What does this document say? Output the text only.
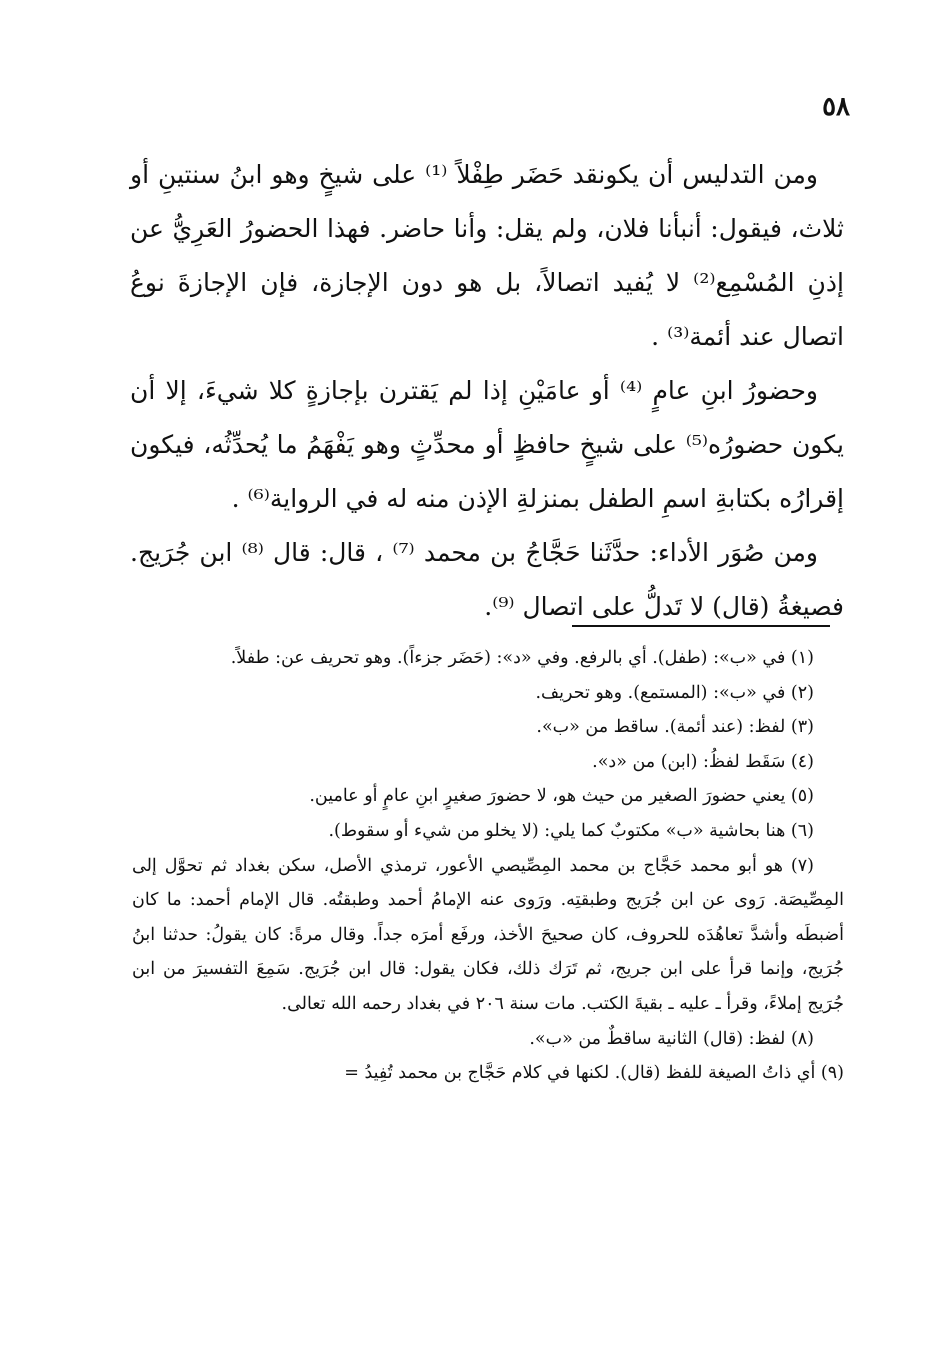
٥٨

ومن التدليس أن يكونقد حَضَر طِفْلاً ⁽¹⁾ على شيخٍ وهو ابنُ سنتينِ أو ثلاث، فيقول: أنبأنا فلان، ولم يقل: وأنا حاضر. فهذا الحضورُ العَرِيُّ عن إذنِ المُسْمِع⁽²⁾ لا يُفيد اتصالاً، بل هو دون الإجازة، فإن الإجازةَ نوعُ اتصال عند أئمة⁽³⁾ .

وحضورُ ابنِ عامٍ ⁽⁴⁾ أو عامَيْنِ إذا لم يَقترن بإجازةٍ كلا شيءَ، إلا أن يكون حضورُه⁽⁵⁾ على شيخٍ حافظٍ أو محدِّثٍ وهو يَفْهَمُ ما يُحدِّثُه، فيكون إقرارُه بكتابةِ اسمِ الطفل بمنزلةِ الإذن منه له في الرواية⁽⁶⁾ .

ومن صُوَر الأداء: حدَّثَنا حَجَّاجُ بن محمد ⁽⁷⁾ ، قال: قال ⁽⁸⁾ ابن جُرَيج. فصيغةُ (قال) لا تَدلُّ على اتصال ⁽⁹⁾.

(١) في «ب»: (طفل). أي بالرفع. وفي «د»: (حَضَر جزءاً). وهو تحريف عن: طفلاً.

(٢) في «ب»: (المستمع). وهو تحريف.

(٣) لفظ: (عند أئمة). ساقط من «ب».

(٤) سَقَط لفظُ: (ابن) من «د».

(٥) يعني حضورَ الصغير من حيث هو، لا حضورَ صغيرٍ ابنِ عامٍ أو عامين.

(٦) هنا بحاشية «ب» مكتوبٌ كما يلي: (لا يخلو من شيء أو سقوط).

(٧) هو أبو محمد حَجَّاج بن محمد المِصِّيصي الأعور، ترمذي الأصل، سكن بغداد ثم تحوَّل إلى المِصِّيصَة. رَوى عن ابن جُرَيج وطبقتِه. ورَوى عنه الإمامُ أحمد وطبقتُه. قال الإمام أحمد: ما كان أضبطَه وأشدَّ تعاهُدَه للحروف، كان صحيحَ الأخذ، ورفَع أمرَه جداً. وقال مرةً: كان يقولُ: حدثنا ابنُ جُرَيج، وإنما قرأ على ابن جريج، ثم تَرَك ذلك، فكان يقول: قال ابن جُرَيج. سَمِعَ التفسيرَ من ابن جُرَيج إملاءً، وقرأ ـ عليه ـ بقيةَ الكتب. مات سنة ٢٠٦ في بغداد رحمه الله تعالى.

(٨) لفظ: (قال) الثانية ساقطٌ من «ب».

(٩) أي ذاتُ الصيغة للفظ (قال). لكنها في كلام حَجَّاج بن محمد تُفِيدُ =
